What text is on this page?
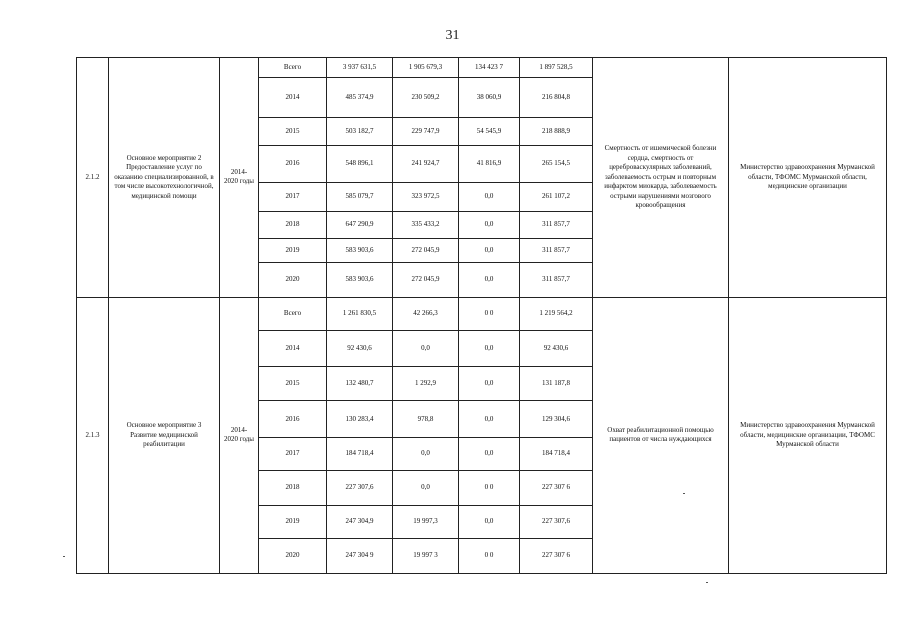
31
2.1.2	Основное мероприятие 2 Предоставление услуг по оказанию специализированной, в том числе высокотехнологичной, медицинской помощи	2014-2020 годы	Всего	3 937 631,5	1 905 679,3	134 423 7	1 897 528,5	Смертность от ишемической болезни сердца, смертность от цереброваскулярных заболеваний, заболеваемость острым и повторным инфарктом миокарда, заболеваемость острыми нарушениями мозгового кровообращения	Министерство здравоохранения Мурманской области, ТФОМС Мурманской области, медицинские организации
			2014	485 374,9	230 509,2	38 060,9	216 804,8		
			2015	503 182,7	229 747,9	54 545,9	218 888,9		
			2016	548 896,1	241 924,7	41 816,9	265 154,5		
			2017	585 079,7	323 972,5	0,0	261 107,2		
			2018	647 290,9	335 433,2	0,0	311 857,7		
			2019	583 903,6	272 045,9	0,0	311 857,7		
			2020	583 903,6	272 045,9	0,0	311 857,7		
2.1.3	Основное мероприятие 3 Развитие медицинской реабилитации	2014-2020 годы	Всего	1 261 830,5	42 266,3	0 0	1 219 564,2	Охват реабилитационной помощью пациентов от числа нуждающихся	Министерство здравоохранения Мурманской области, медицинские организации, ТФОМС Мурманской области
			2014	92 430,6	0,0	0,0	92 430,6		
			2015	132 480,7	1 292,9	0,0	131 187,8		
			2016	130 283,4	978,8	0,0	129 304,6		
			2017	184 718,4	0,0	0,0	184 718,4		
			2018	227 307,6	0,0	0 0	227 307 6		
			2019	247 304,9	19 997,3	0,0	227 307,6		
			2020	247 304 9	19 997 3	0 0	227 307 6		
